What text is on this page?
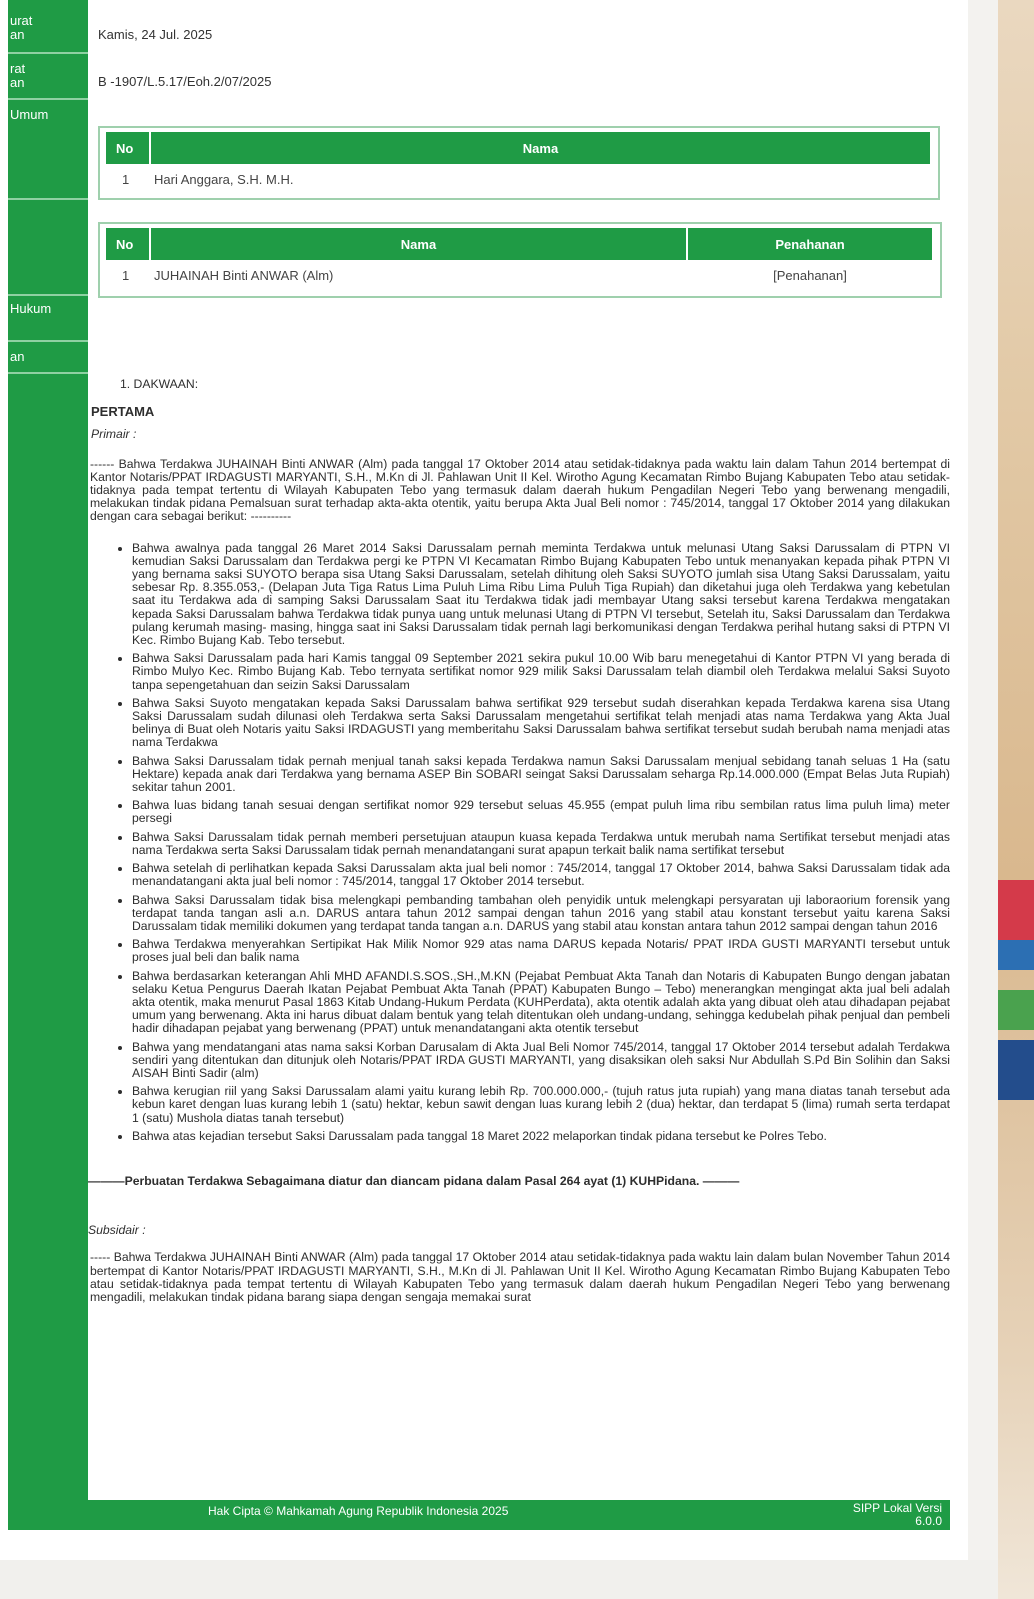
urat
an
rat
an
Umum
Hukum
an
Kamis, 24 Jul. 2025
B -1907/L.5.17/Eoh.2/07/2025
No	Nama
1	Hari Anggara, S.H. M.H.
No	Nama	Penahanan
1	JUHAINAH Binti ANWAR (Alm)	[Penahanan]
1. DAKWAAN:
PERTAMA
Primair :
------ Bahwa Terdakwa JUHAINAH Binti ANWAR (Alm) pada tanggal 17 Oktober 2014 atau setidak-tidaknya pada waktu lain dalam Tahun 2014 bertempat di Kantor Notaris/PPAT IRDAGUSTI MARYANTI, S.H., M.Kn di Jl. Pahlawan Unit II Kel. Wirotho Agung Kecamatan Rimbo Bujang Kabupaten Tebo atau setidak-tidaknya pada tempat tertentu di Wilayah Kabupaten Tebo yang termasuk dalam daerah hukum Pengadilan Negeri Tebo yang berwenang mengadili, melakukan tindak pidana Pemalsuan surat terhadap akta-akta otentik, yaitu berupa Akta Jual Beli nomor : 745/2014, tanggal 17 Oktober 2014 yang dilakukan dengan cara sebagai berikut: ----------
• Bahwa awalnya pada tanggal 26 Maret 2014 Saksi Darussalam pernah meminta Terdakwa untuk melunasi Utang Saksi Darussalam di PTPN VI kemudian Saksi Darussalam dan Terdakwa pergi ke PTPN VI Kecamatan Rimbo Bujang Kabupaten Tebo untuk menanyakan kepada pihak PTPN VI yang bernama saksi SUYOTO berapa sisa Utang Saksi Darussalam, setelah dihitung oleh Saksi SUYOTO jumlah sisa Utang Saksi Darussalam, yaitu sebesar Rp. 8.355.053,- (Delapan Juta Tiga Ratus Lima Puluh Lima Ribu Lima Puluh Tiga Rupiah) dan diketahui juga oleh Terdakwa yang kebetulan saat itu Terdakwa ada di samping Saksi Darussalam Saat itu Terdakwa tidak jadi membayar Utang saksi tersebut karena Terdakwa mengatakan kepada Saksi Darussalam bahwa Terdakwa tidak punya uang untuk melunasi Utang di PTPN VI tersebut, Setelah itu, Saksi Darussalam dan Terdakwa pulang kerumah masing- masing, hingga saat ini Saksi Darussalam tidak pernah lagi berkomunikasi dengan Terdakwa perihal hutang saksi di PTPN VI Kec. Rimbo Bujang Kab. Tebo tersebut.
• Bahwa Saksi Darussalam pada hari Kamis tanggal 09 September 2021 sekira pukul 10.00 Wib baru menegetahui di Kantor PTPN VI yang berada di Rimbo Mulyo Kec. Rimbo Bujang Kab. Tebo ternyata sertifikat nomor 929 milik Saksi Darussalam telah diambil oleh Terdakwa melalui Saksi Suyoto tanpa sepengetahuan dan seizin Saksi Darussalam
• Bahwa Saksi Suyoto mengatakan kepada Saksi Darussalam bahwa sertifikat 929 tersebut sudah diserahkan kepada Terdakwa karena sisa Utang Saksi Darussalam sudah dilunasi oleh Terdakwa serta Saksi Darussalam mengetahui sertifikat telah menjadi atas nama Terdakwa yang Akta Jual belinya di Buat oleh Notaris yaitu Saksi IRDAGUSTI yang memberitahu Saksi Darussalam bahwa sertifikat tersebut sudah berubah nama menjadi atas nama Terdakwa
• Bahwa Saksi Darussalam tidak pernah menjual tanah saksi kepada Terdakwa namun Saksi Darussalam menjual sebidang tanah seluas 1 Ha (satu Hektare) kepada anak dari Terdakwa yang bernama ASEP Bin SOBARI seingat Saksi Darussalam seharga Rp.14.000.000 (Empat Belas Juta Rupiah) sekitar tahun 2001.
• Bahwa luas bidang tanah sesuai dengan sertifikat nomor 929 tersebut seluas 45.955 (empat puluh lima ribu sembilan ratus lima puluh lima) meter persegi
• Bahwa Saksi Darussalam tidak pernah memberi persetujuan ataupun kuasa kepada Terdakwa untuk merubah nama Sertifikat tersebut menjadi atas nama Terdakwa serta Saksi Darussalam tidak pernah menandatangani surat apapun terkait balik nama sertifikat tersebut
• Bahwa setelah di perlihatkan kepada Saksi Darussalam akta jual beli nomor : 745/2014, tanggal 17 Oktober 2014, bahwa Saksi Darussalam tidak ada menandatangani akta jual beli nomor : 745/2014, tanggal 17 Oktober 2014 tersebut.
• Bahwa Saksi Darussalam tidak bisa melengkapi pembanding tambahan oleh penyidik untuk melengkapi persyaratan uji laboraorium forensik yang terdapat tanda tangan asli a.n. DARUS antara tahun 2012 sampai dengan tahun 2016 yang stabil atau konstant tersebut yaitu karena Saksi Darussalam tidak memiliki dokumen yang terdapat tanda tangan a.n. DARUS yang stabil atau konstan antara tahun 2012 sampai dengan tahun 2016
• Bahwa Terdakwa menyerahkan Sertipikat Hak Milik Nomor 929 atas nama DARUS kepada Notaris/ PPAT IRDA GUSTI MARYANTI tersebut untuk proses jual beli dan balik nama
• Bahwa berdasarkan keterangan Ahli MHD AFANDI.S.SOS.,SH.,M.KN (Pejabat Pembuat Akta Tanah dan Notaris di Kabupaten Bungo dengan jabatan selaku Ketua Pengurus Daerah Ikatan Pejabat Pembuat Akta Tanah (PPAT) Kabupaten Bungo – Tebo) menerangkan mengingat akta jual beli adalah akta otentik, maka menurut Pasal 1863 Kitab Undang-Hukum Perdata (KUHPerdata), akta otentik adalah akta yang dibuat oleh atau dihadapan pejabat umum yang berwenang. Akta ini harus dibuat dalam bentuk yang telah ditentukan oleh undang-undang, sehingga kedubelah pihak penjual dan pembeli hadir dihadapan pejabat yang berwenang (PPAT) untuk menandatangani akta otentik tersebut
• Bahwa yang mendatangani atas nama saksi Korban Darusalam di Akta Jual Beli Nomor 745/2014, tanggal 17 Oktober 2014 tersebut adalah Terdakwa sendiri yang ditentukan dan ditunjuk oleh Notaris/PPAT IRDA GUSTI MARYANTI, yang disaksikan oleh saksi Nur Abdullah S.Pd Bin Solihin dan Saksi AISAH Binti Sadir (alm)
• Bahwa kerugian riil yang Saksi Darussalam alami yaitu kurang lebih Rp. 700.000.000,- (tujuh ratus juta rupiah) yang mana diatas tanah tersebut ada kebun karet dengan luas kurang lebih 1 (satu) hektar, kebun sawit dengan luas kurang lebih 2 (dua) hektar, dan terdapat 5 (lima) rumah serta terdapat 1 (satu) Mushola diatas tanah tersebut)
• Bahwa atas kejadian tersebut Saksi Darussalam pada tanggal 18 Maret 2022 melaporkan tindak pidana tersebut ke Polres Tebo.
———Perbuatan Terdakwa Sebagaimana diatur dan diancam pidana dalam Pasal 264 ayat (1) KUHPidana. ———
Subsidair :
----- Bahwa Terdakwa JUHAINAH Binti ANWAR (Alm) pada tanggal 17 Oktober 2014 atau setidak-tidaknya pada waktu lain dalam bulan November Tahun 2014 bertempat di Kantor Notaris/PPAT IRDAGUSTI MARYANTI, S.H., M.Kn di Jl. Pahlawan Unit II Kel. Wirotho Agung Kecamatan Rimbo Bujang Kabupaten Tebo atau setidak-tidaknya pada tempat tertentu di Wilayah Kabupaten Tebo yang termasuk dalam daerah hukum Pengadilan Negeri Tebo yang berwenang mengadili, melakukan tindak pidana barang siapa dengan sengaja memakai surat
Hak Cipta © Mahkamah Agung Republik Indonesia 2025	SIPP Lokal Versi 6.0.0
